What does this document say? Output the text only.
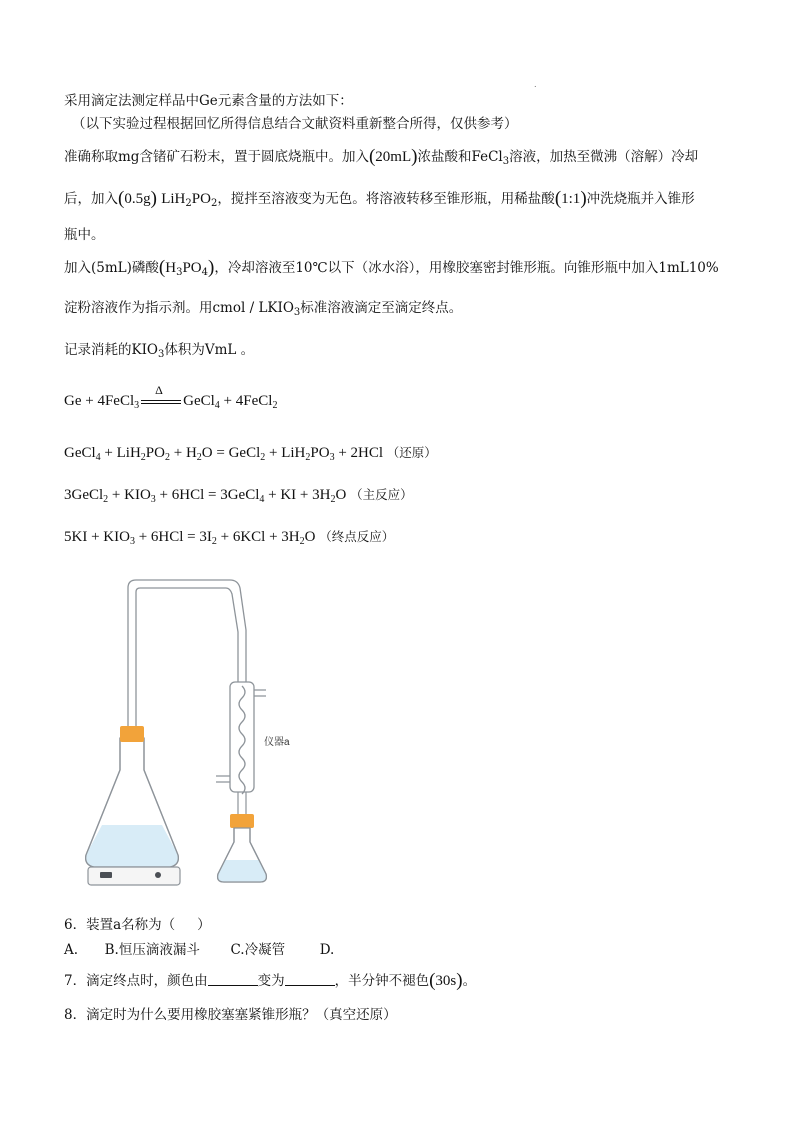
.
采用滴定法测定样品中Ge元素含量的方法如下：
（以下实验过程根据回忆所得信息结合文献资料重新整合所得，仅供参考）
准确称取mg含锗矿石粉末，置于圆底烧瓶中。加入(20mL)浓盐酸和FeCl$_3$溶液，加热至微沸（溶解）冷却
后，加入(0.5g) $LiH_2PO_2$，搅拌至溶液变为无色。将溶液转移至锥形瓶，用稀盐酸(1:1)冲洗烧瓶并入锥形
瓶中。
加入(5mL)磷酸$(H_3PO_4)$，冷却溶液至10℃以下（冰水浴），用橡胶塞密封锥形瓶。向锥形瓶中加入1mL10%
淀粉溶液作为指示剂。用cmol / $LKIO_3$标准溶液滴定至滴定终点。
记录消耗的$KIO_3$体积为VmL 。
Ge + 4FeCl$_3$
Δ
GeCl$_4$ + 4FeCl$_2$
GeCl$_4$ + $LiH_2PO_2 + H_2O$ = GeCl$_2$ + $LiH_2PO_3 + 2HCl$ （还原）
3GeCl$_2$ + $KIO_3 + 6HCl$ = 3GeCl$_4$ + KI + $3H_2O$ （主反应）
$5KI + KIO_3 + 6HCl = 3I_2 + 6KCl + 3H_2O$ （终点反应）
仪器a
6．装置a名称为（ ）
A. B.恒压滴液漏斗 C.冷凝管	D.
7．滴定终点时，颜色由	变为	，半分钟不褪色(30s)。
8．滴定时为什么要用橡胶塞塞紧锥形瓶？（真空还原）
